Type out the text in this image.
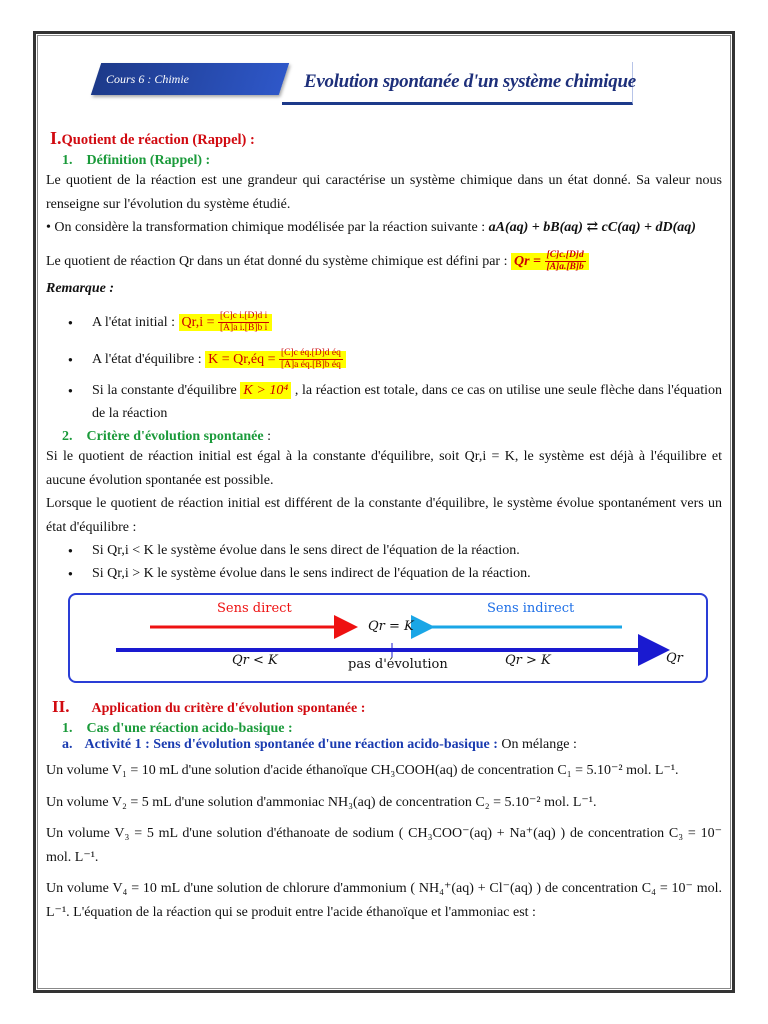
Cours 6 : Chimie	Evolution spontanée d'un système chimique
I.Quotient de réaction (Rappel) :
1. Définition (Rappel) :

Le quotient de la réaction est une grandeur qui caractérise un système chimique dans un état donné. Sa valeur nous renseigne sur l'évolution du système étudié.

• On considère la transformation chimique modélisée par la réaction suivante : aA(aq) + bB(aq) ⇄ cC(aq) + dD(aq)

Le quotient de réaction Qr dans un état donné du système chimique est défini par : $Qr = \frac{[C]c.[D]d}{[A]a.[B]b}$

Remarque :

● A l'état initial : $Qr,i = \frac{\text{[C]c i.[D]d i}}{\text{[A]a i.[B]b i}}$
● A l'état d'équilibre : K = Qr,éq = $\frac{\text{[C]c éq.[D]d éq}}{\text{[A]a éq.[B]b éq}}$
● Si la constante d'équilibre K > 10⁴ , la réaction est totale, dans ce cas on utilise une seule flèche dans l'équation de la réaction
2. Critère d'évolution spontanée :

Si le quotient de réaction initial est égal à la constante d'équilibre, soit Qr,i = K, le système est déjà à l'équilibre et aucune évolution spontanée est possible.

Lorsque le quotient de réaction initial est différent de la constante d'équilibre, le système évolue spontanément vers un état d'équilibre :

● Si Qr,i < K le système évolue dans le sens direct de l'équation de la réaction.
● Si Qr,i > K le système évolue dans le sens indirect de l'équation de la réaction.
Sens direct	Sens indirect
Qr = K
Qr < K	pas d'évolution	Qr > K	Qr
II. Application du critère d'évolution spontanée :
1. Cas d'une réaction acido-basique :
a. Activité 1 : Sens d'évolution spontanée d'une réaction acido-basique : On mélange :

Un volume V₁ = 10 mL d'une solution d'acide éthanoïque CH₃COOH(aq) de concentration C₁ = 5.10⁻² mol. L⁻¹.

Un volume V₂ = 5 mL d'une solution d'ammoniac NH₃(aq) de concentration C₂ = 5.10⁻² mol. L⁻¹.

Un volume V₃ = 5 mL d'une solution d'éthanoate de sodium ( CH₃COO⁻(aq) + Na⁺(aq) ) de concentration C₃ = 10⁻ mol. L⁻¹.

Un volume V₄ = 10 mL d'une solution de chlorure d'ammonium ( NH₄⁺(aq) + Cl⁻(aq) ) de concentration C₄ = 10⁻ mol. L⁻¹. L'équation de la réaction qui se produit entre l'acide éthanoïque et l'ammoniac est :
